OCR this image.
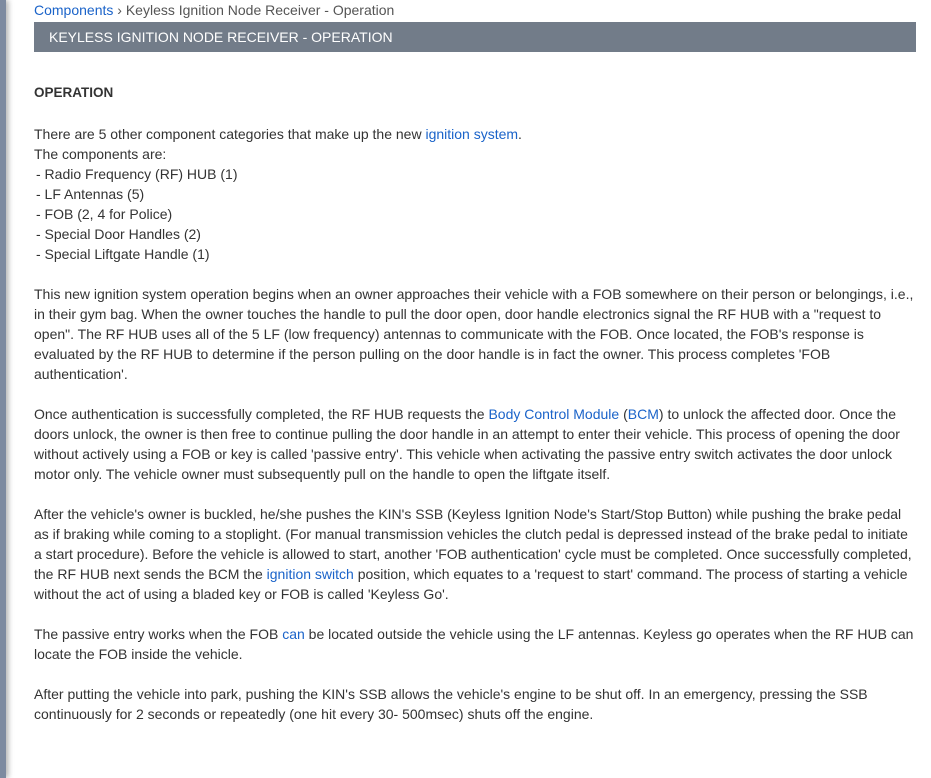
Components › Keyless Ignition Node Receiver - Operation
KEYLESS IGNITION NODE RECEIVER - OPERATION
OPERATION

There are 5 other component categories that make up the new ignition system.
The components are:
- Radio Frequency (RF) HUB (1)
- LF Antennas (5)
- FOB (2, 4 for Police)
- Special Door Handles (2)
- Special Liftgate Handle (1)

This new ignition system operation begins when an owner approaches their vehicle with a FOB somewhere on their person or belongings, i.e., in their gym bag. When the owner touches the handle to pull the door open, door handle electronics signal the RF HUB with a "request to open". The RF HUB uses all of the 5 LF (low frequency) antennas to communicate with the FOB. Once located, the FOB's response is evaluated by the RF HUB to determine if the person pulling on the door handle is in fact the owner. This process completes 'FOB authentication'.

Once authentication is successfully completed, the RF HUB requests the Body Control Module (BCM) to unlock the affected door. Once the doors unlock, the owner is then free to continue pulling the door handle in an attempt to enter their vehicle. This process of opening the door without actively using a FOB or key is called 'passive entry'. This vehicle when activating the passive entry switch activates the door unlock motor only. The vehicle owner must subsequently pull on the handle to open the liftgate itself.

After the vehicle's owner is buckled, he/she pushes the KIN's SSB (Keyless Ignition Node's Start/Stop Button) while pushing the brake pedal as if braking while coming to a stoplight. (For manual transmission vehicles the clutch pedal is depressed instead of the brake pedal to initiate a start procedure). Before the vehicle is allowed to start, another 'FOB authentication' cycle must be completed. Once successfully completed, the RF HUB next sends the BCM the ignition switch position, which equates to a 'request to start' command. The process of starting a vehicle without the act of using a bladed key or FOB is called 'Keyless Go'.

The passive entry works when the FOB can be located outside the vehicle using the LF antennas. Keyless go operates when the RF HUB can locate the FOB inside the vehicle.

After putting the vehicle into park, pushing the KIN's SSB allows the vehicle's engine to be shut off. In an emergency, pressing the SSB continuously for 2 seconds or repeatedly (one hit every 30- 500msec) shuts off the engine.
